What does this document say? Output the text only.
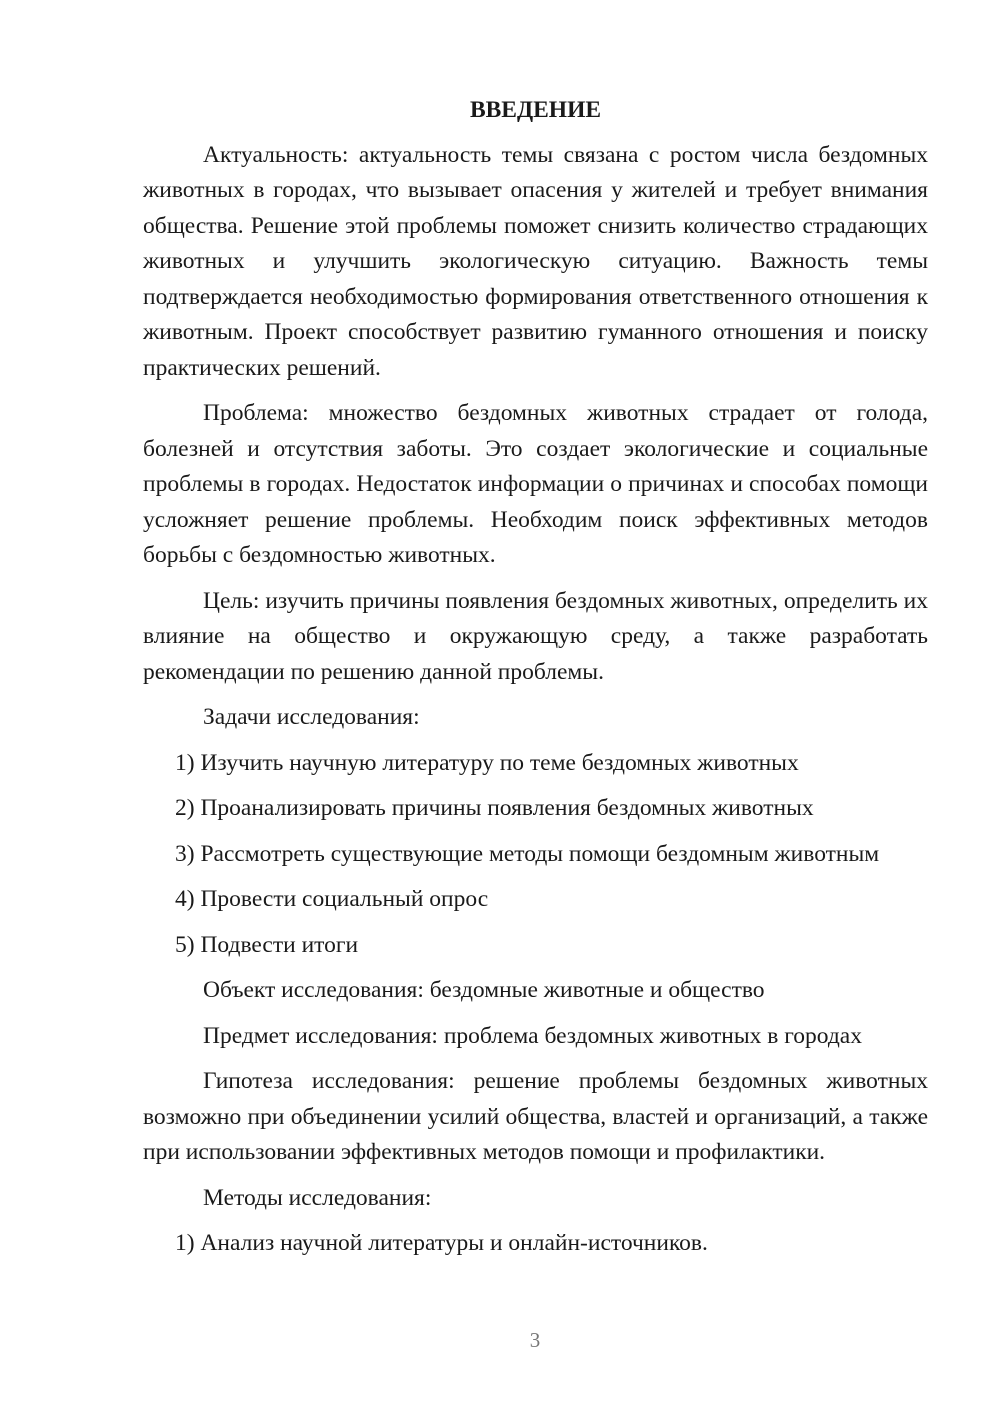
ВВЕДЕНИЕ

Актуальность: актуальность темы связана с ростом числа бездомных животных в городах, что вызывает опасения у жителей и требует внимания общества. Решение этой проблемы поможет снизить количество страдающих животных и улучшить экологическую ситуацию. Важность темы подтверждается необходимостью формирования ответственного отношения к животным. Проект способствует развитию гуманного отношения и поиску практических решений.

Проблема: множество бездомных животных страдает от голода, болезней и отсутствия заботы. Это создает экологические и социальные проблемы в городах. Недостаток информации о причинах и способах помощи усложняет решение проблемы. Необходим поиск эффективных методов борьбы с бездомностью животных.

Цель: изучить причины появления бездомных животных, определить их влияние на общество и окружающую среду, а также разработать рекомендации по решению данной проблемы.

Задачи исследования:
1) Изучить научную литературу по теме бездомных животных
2) Проанализировать причины появления бездомных животных
3) Рассмотреть существующие методы помощи бездомным животным
4) Провести социальный опрос
5) Подвести итоги
Объект исследования: бездомные животные и общество
Предмет исследования: проблема бездомных животных в городах

Гипотеза исследования: решение проблемы бездомных животных возможно при объединении усилий общества, властей и организаций, а также при использовании эффективных методов помощи и профилактики.

Методы исследования:
1) Анализ научной литературы и онлайн-источников.
3
